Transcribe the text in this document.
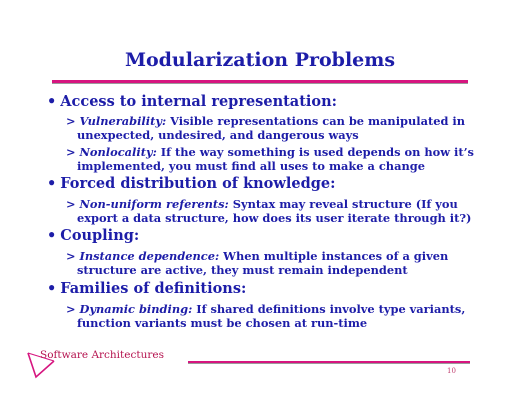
Modularization Problems
• Access to internal representation:
> Vulnerability: Visible representations can be manipulated in unexpected, undesired, and dangerous ways
> Nonlocality: If the way something is used depends on how it’s implemented, you must find all uses to make a change
• Forced distribution of knowledge:
> Non-uniform referents: Syntax may reveal structure (If you export a data structure, how does its user iterate through it?)
• Coupling:
> Instance dependence: When multiple instances of a given structure are active, they must remain independent
• Families of definitions:
> Dynamic binding: If shared definitions involve type variants, function variants must be chosen at run-time
Software Architectures
10
